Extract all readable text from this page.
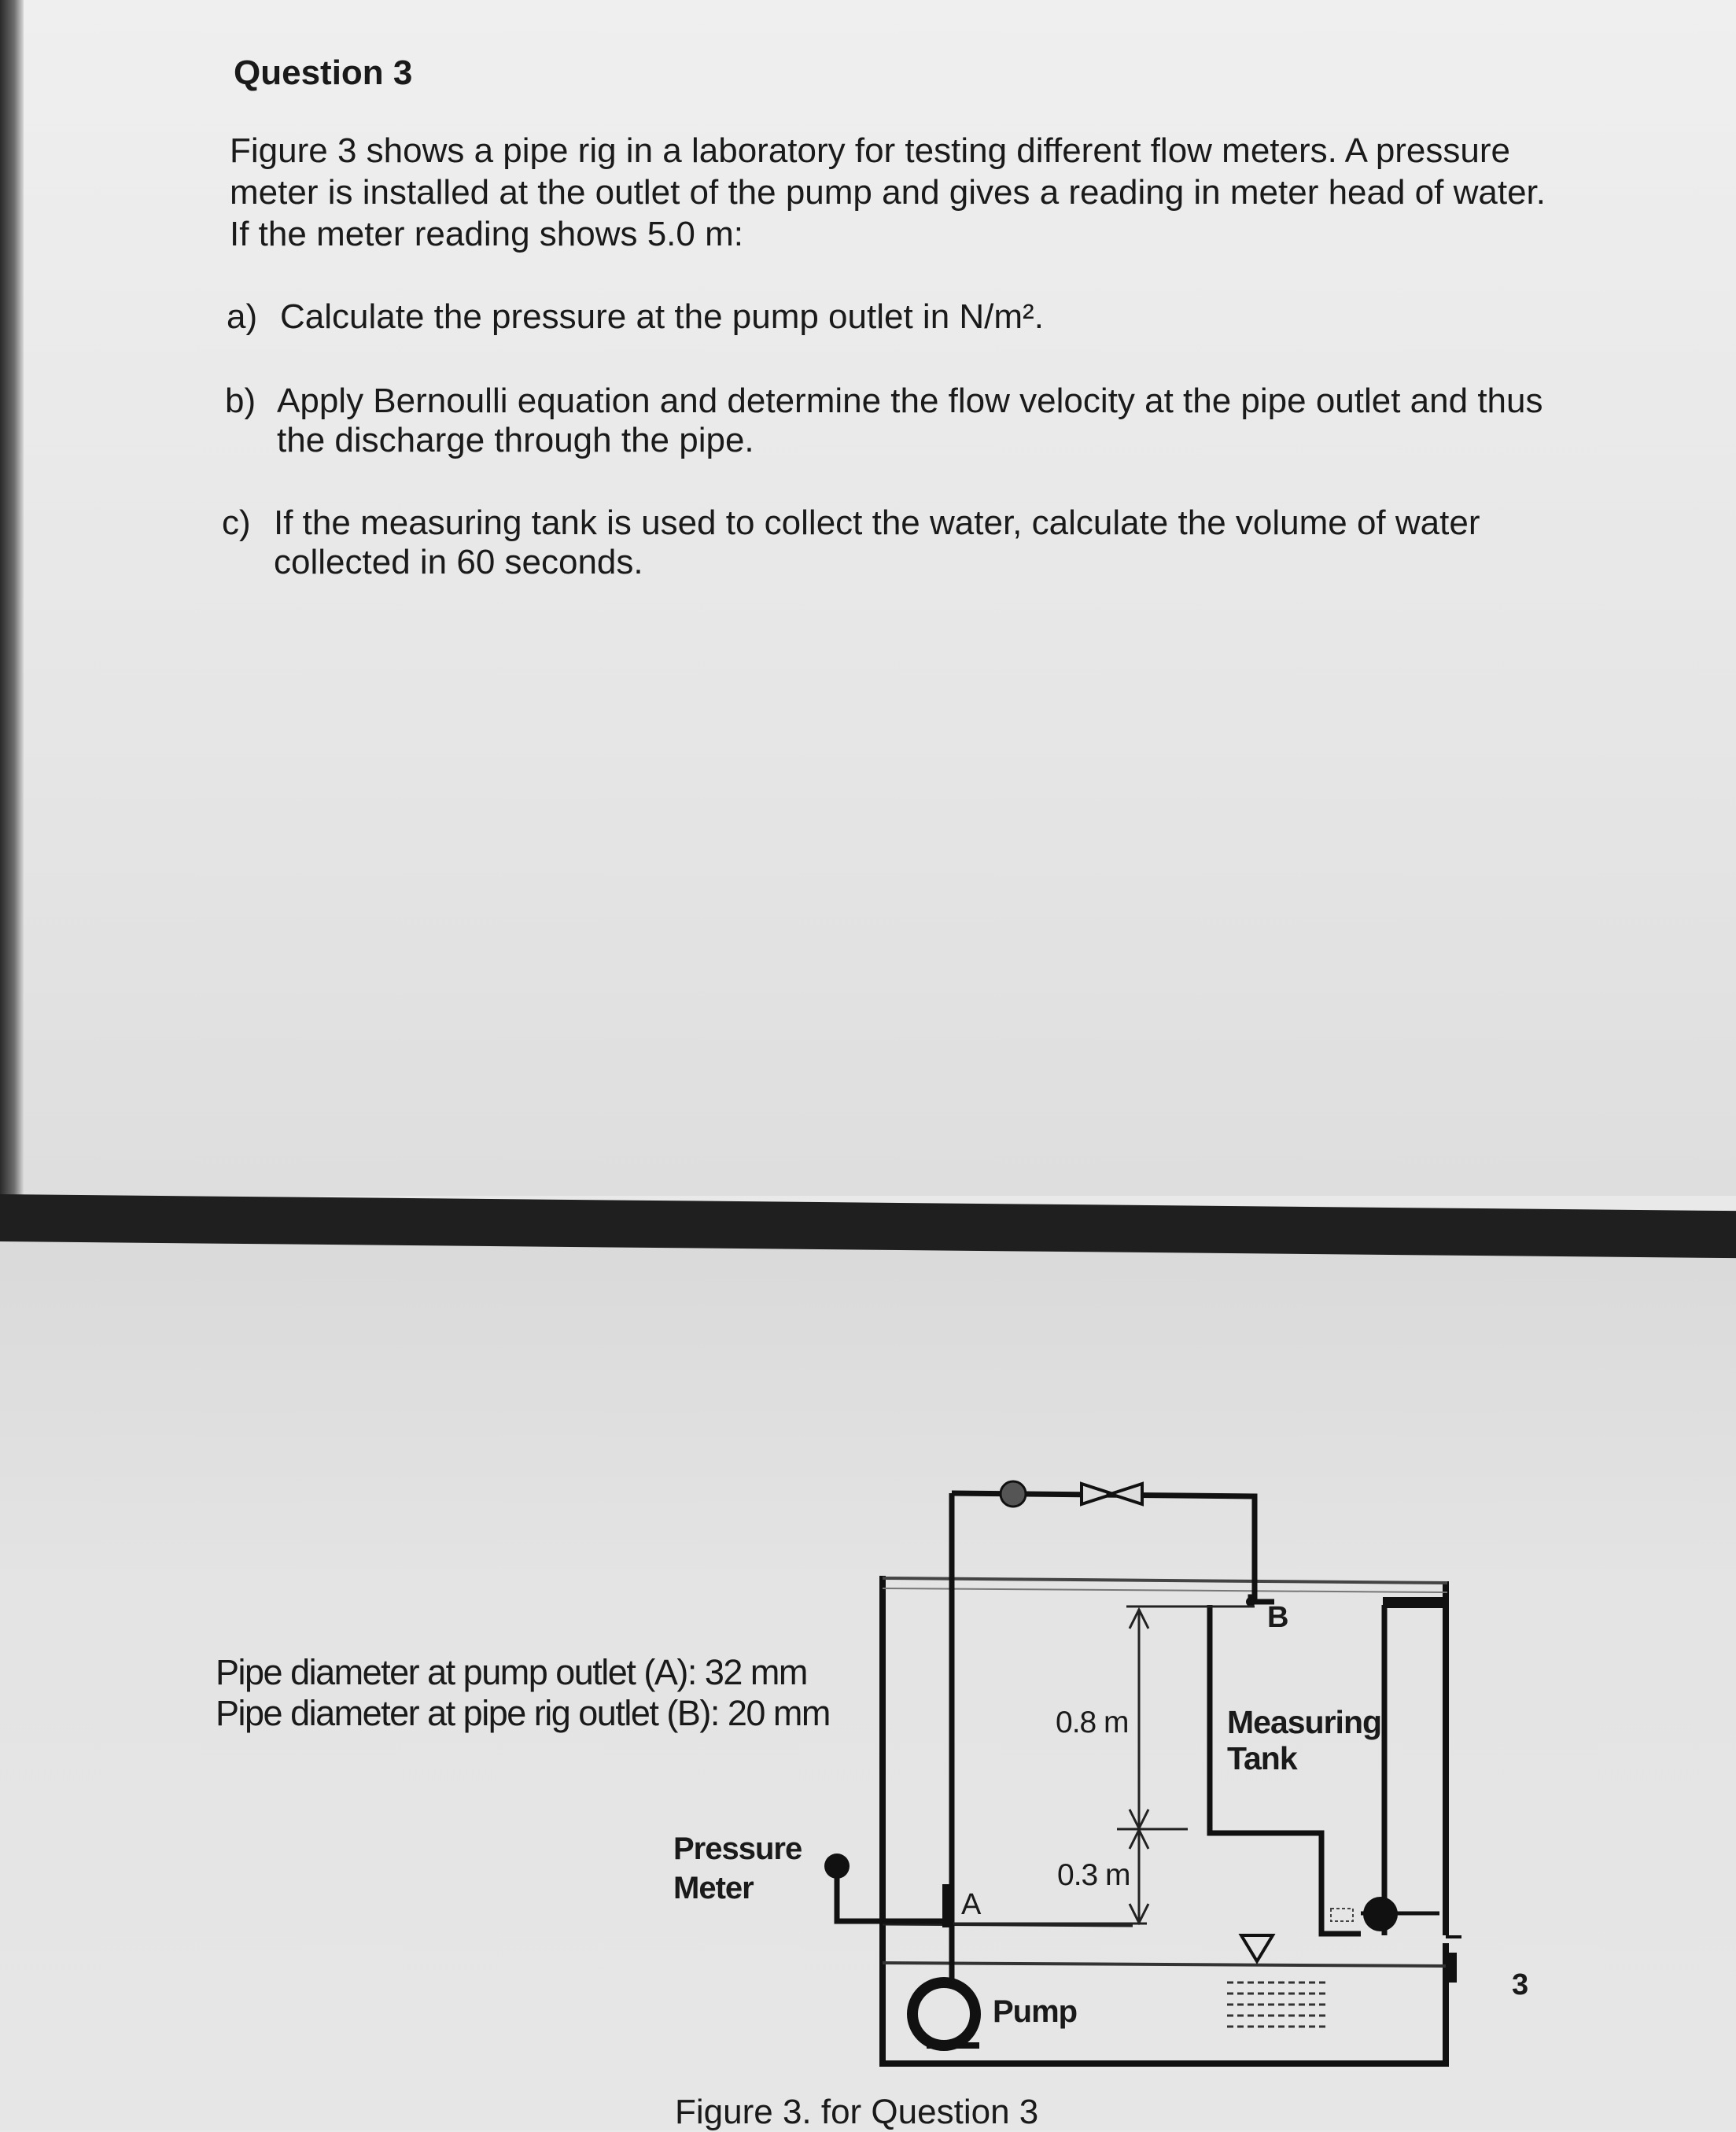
Question 3
Figure 3 shows a pipe rig in a laboratory for testing different flow meters. A pressure
meter is installed at the outlet of the pump and gives a reading in meter head of water.
If the meter reading shows 5.0 m:
a) Calculate the pressure at the pump outlet in N/m².
b) Apply Bernoulli equation and determine the flow velocity at the pipe outlet and thus
the discharge through the pipe.
c) If the measuring tank is used to collect the water, calculate the volume of water
collected in 60 seconds.
Pipe diameter at pump outlet (A): 32 mm
Pipe diameter at pipe rig outlet (B): 20 mm
B
A
Measuring
Tank
0.8 m
0.3 m
Pressure
Meter
Pump
3
Figure 3. for Question 3
